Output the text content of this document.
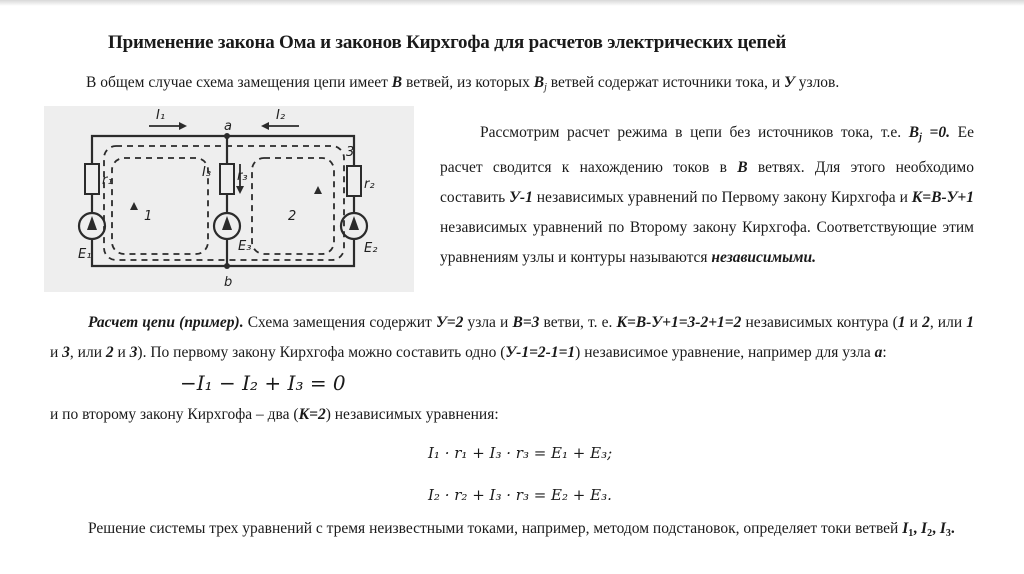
Применение закона Ома и законов Кирхгофа для расчетов электрических цепей
В общем случае схема замещения цепи имеет В ветвей, из которых $В_j$ ветвей содержат источники тока, и У узлов.
I₁	I₂
a
b
I₃
r₁	r₃
r₂
E₁
E₃	E₂
1	2
3

Рассмотрим расчет режима в цепи без источников тока, т.е. $B_j =0$. Ее расчет сводится к нахождению токов в В ветвях. Для этого необходимо составить У-1 независимых уравнений по Первому закону Кирхгофа и К=В-У+1 независимых уравнений по Второму закону Кирхгофа. Соответствующие этим уравнениям узлы и контуры называются независимыми.

Расчет цепи (пример). Схема замещения содержит У=2 узла и В=3 ветви, т. е. К=В-У+1=3-2+1=2 независимых контура (1 и 2, или 1 и 3, или 2 и 3). По первому закону Кирхгофа можно составить одно (У-1=2-1=1) независимое уравнение, например для узла а:

−I₁ − I₂ + I₃ = 0
и по второму закону Кирхгофа – два (К=2) независимых уравнения:
I₁ · r₁ + I₃ · r₃ = E₁ + E₃;
I₂ · r₂ + I₃ · r₃ = E₂ + E₃.

Решение системы трех уравнений с тремя неизвестными токами, например, методом подстановок, определяет токи ветвей $I_1$, $I_2$, $I_3$.
